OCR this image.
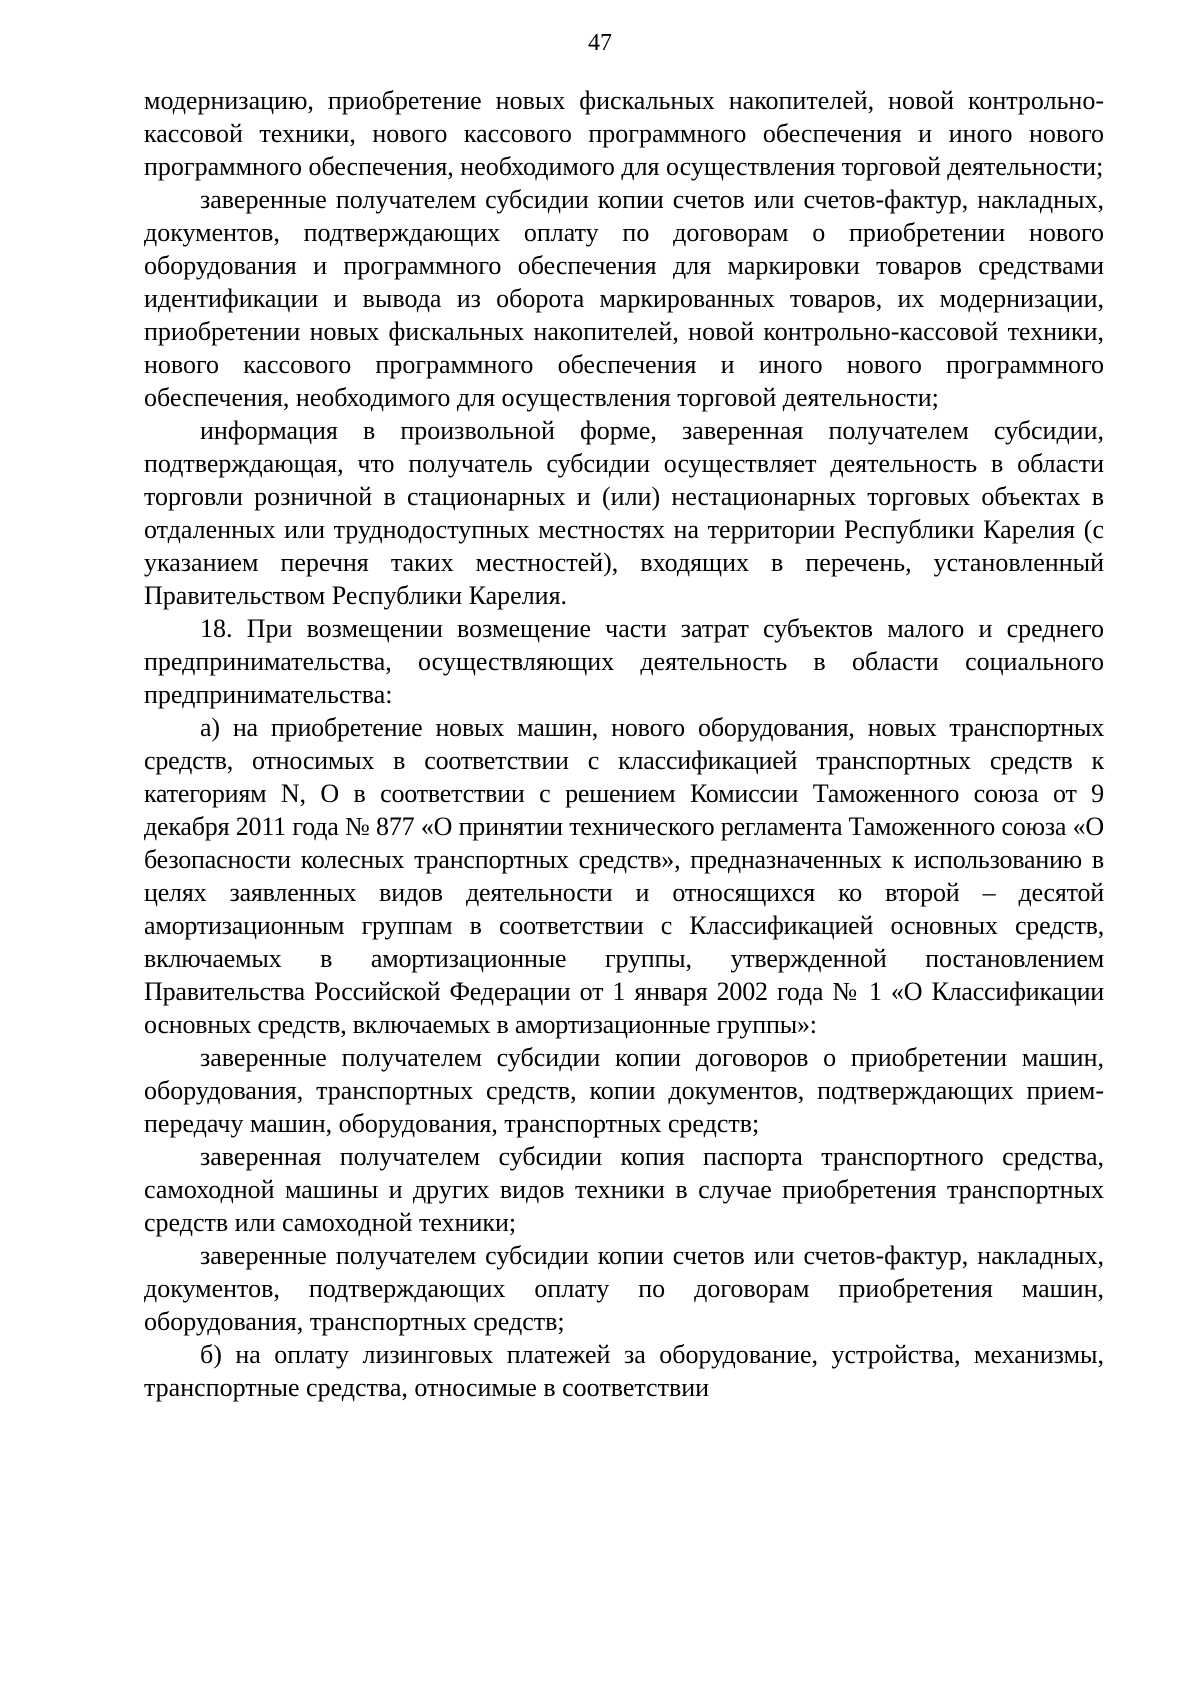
47

модернизацию, приобретение новых фискальных накопителей, новой контрольно-кассовой техники, нового кассового программного обеспечения и иного нового программного обеспечения, необходимого для осуществления торговой деятельности;

заверенные получателем субсидии копии счетов или счетов-фактур, накладных, документов, подтверждающих оплату по договорам о приобретении нового оборудования и программного обеспечения для маркировки товаров средствами идентификации и вывода из оборота маркированных товаров, их модернизации, приобретении новых фискальных накопителей, новой контрольно-кассовой техники, нового кассового программного обеспечения и иного нового программного обеспечения, необходимого для осуществления торговой деятельности;

информация в произвольной форме, заверенная получателем субсидии, подтверждающая, что получатель субсидии осуществляет деятельность в области торговли розничной в стационарных и (или) нестационарных торговых объектах в отдаленных или труднодоступных местностях на территории Республики Карелия (с указанием перечня таких местностей), входящих в перечень, установленный Правительством Республики Карелия.

18. При возмещении возмещение части затрат субъектов малого и среднего предпринимательства, осуществляющих деятельность в области социального предпринимательства:

а) на приобретение новых машин, нового оборудования, новых транспортных средств, относимых в соответствии с классификацией транспортных средств к категориям N, O в соответствии с решением Комиссии Таможенного союза от 9 декабря 2011 года № 877 «О принятии технического регламента Таможенного союза «О безопасности колесных транспортных средств», предназначенных к использованию в целях заявленных видов деятельности и относящихся ко второй – десятой амортизационным группам в соответствии с Классификацией основных средств, включаемых в амортизационные группы, утвержденной постановлением Правительства Российской Федерации от 1 января 2002 года № 1 «О Классификации основных средств, включаемых в амортизационные группы»:

заверенные получателем субсидии копии договоров о приобретении машин, оборудования, транспортных средств, копии документов, подтверждающих прием-передачу машин, оборудования, транспортных средств;

заверенная получателем субсидии копия паспорта транспортного средства, самоходной машины и других видов техники в случае приобретения транспортных средств или самоходной техники;

заверенные получателем субсидии копии счетов или счетов-фактур, накладных, документов, подтверждающих оплату по договорам приобретения машин, оборудования, транспортных средств;

б) на оплату лизинговых платежей за оборудование, устройства, механизмы, транспортные средства, относимые в соответствии
